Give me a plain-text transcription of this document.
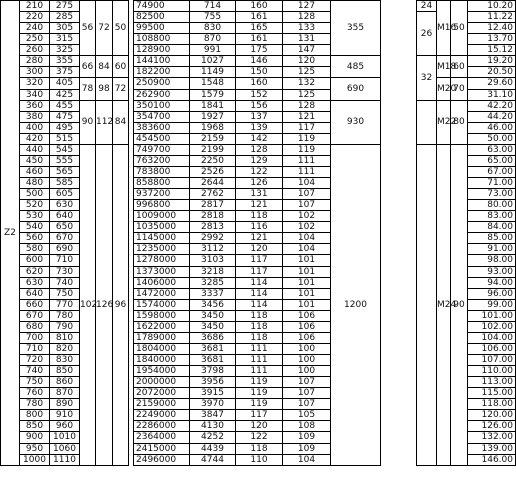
Z2	210	275	56	72	50		74900	714	160	127	355		24	M16	50	10.20
	220	285					82500	755	161	128			26			11.22
	240	305					99500	830	165	133						12.40
	250	315					108800	870	161	131						13.70
	260	325					128900	991	175	147						15.12
	280	355	66	84	60		144100	1027	146	120	485		32	M18	60	19.20
	300	375					182200	1149	150	125						20.50
	320	405	78	98	72		250900	1548	160	132	690			M20	70	29.60
	340	425					262900	1579	152	125						31.10
	360	455	90	112	84		350100	1841	156	128	930			M22	80	42.20
	380	475					354700	1927	137	121						44.20
	400	495					383600	1968	139	117						46.00
	420	515					454500	2159	142	119						50.00
	440	545	102	126	96		749700	2199	128	119	1200			M24	90	63.00
	450	555					763200	2250	129	111						65.00
	460	565					783800	2526	122	111						67.00
	480	585					858800	2644	126	104						71.00
	500	605					937200	2762	131	107						73.00
	520	630					996800	2817	121	107						80.00
	530	640					1009000	2818	118	102						83.00
	540	650					1035000	2813	116	102						84.00
	560	670					1145000	2992	121	104						85.00
	580	690					1235000	3112	120	104						91.00
	600	710					1278000	3103	117	101						98.00
	620	730					1373000	3218	117	101						93.00
	630	740					1406000	3285	114	101						94.00
	640	750					1472000	3337	114	101						96.00
	660	770					1574000	3456	114	101						99.00
	670	780					1598000	3450	118	106						101.00
	680	790					1622000	3450	118	106						102.00
	700	810					1789000	3686	118	106						104.00
	710	820					1804000	3681	111	100						106.00
	720	830					1840000	3681	111	100						107.00
	740	850					1954000	3798	111	100						110.00
	750	860					2000000	3956	119	107						113.00
	760	870					2072000	3915	119	107						115.00
	780	890					2159000	3970	119	107						118.00
	800	910					2249000	3847	117	105						120.00
	850	960					2286000	4130	120	108						126.00
	900	1010					2364000	4252	122	109						132.00
	950	1060					2415000	4439	118	109						139.00
	1000	1110					2496000	4744	110	104						146.00
